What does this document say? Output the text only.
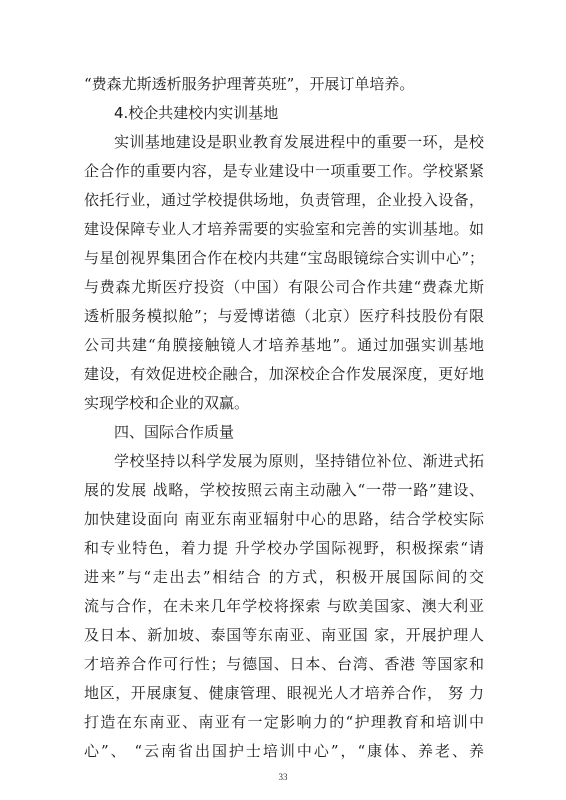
“费森尤斯透析服务护理菁英班”，开展订单培养。
4.校企共建校内实训基地
实训基地建设是职业教育发展进程中的重要一环，是校
企合作的重要内容，是专业建设中一项重要工作。学校紧紧
依托行业，通过学校提供场地，负责管理，企业投入设备，
建设保障专业人才培养需要的实验室和完善的实训基地。如
与星创视界集团合作在校内共建“宝岛眼镜综合实训中心”；
与费森尤斯医疗投资（中国）有限公司合作共建“费森尤斯
透析服务模拟舱”；与爱博诺德（北京）医疗科技股份有限
公司共建“角膜接触镜人才培养基地”。通过加强实训基地
建设，有效促进校企融合，加深校企合作发展深度，更好地
实现学校和企业的双赢。
四、国际合作质量
学校坚持以科学发展为原则，坚持错位补位、渐进式拓
展的发展 战略，学校按照云南主动融入“一带一路”建设、
加快建设面向 南亚东南亚辐射中心的思路，结合学校实际
和专业特色，着力提 升学校办学国际视野，积极探索“请
进来”与“走出去”相结合 的方式，积极开展国际间的交
流与合作，在未来几年学校将探索 与欧美国家、澳大利亚
及日本、新加坡、泰国等东南亚、南亚国 家，开展护理人
才培养合作可行性；与德国、日本、台湾、香港 等国家和
地区，开展康复、健康管理、眼视光人才培养合作， 努 力
打造在东南亚、南亚有一定影响力的“护理教育和培训中
心”、 “云南省出国护士培训中心”，“康体、养老、养
33
